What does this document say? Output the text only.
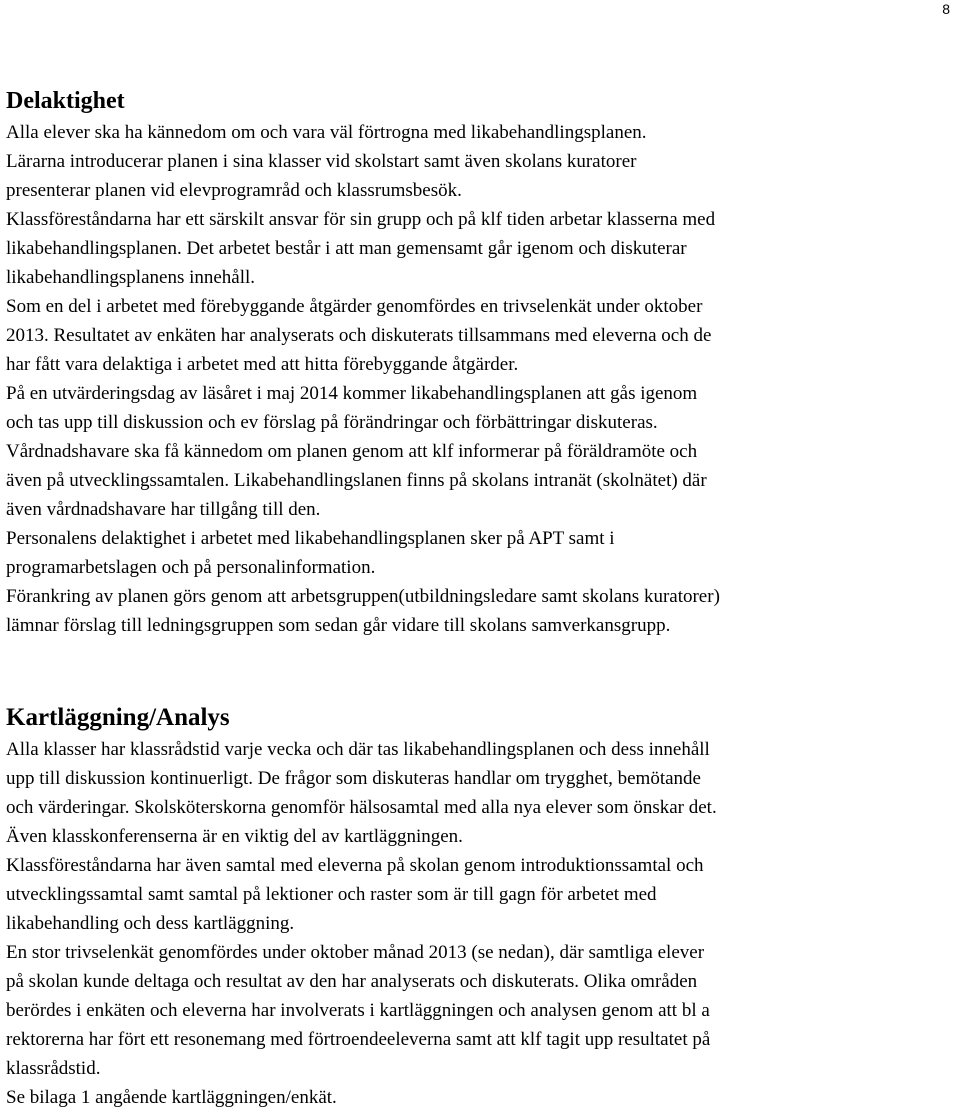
8
Delaktighet

Alla elever ska ha kännedom om och vara väl förtrogna med likabehandlingsplanen.

Lärarna introducerar planen i sina klasser vid skolstart samt även skolans kuratorer

presenterar planen vid elevprogramråd och klassrumsbesök.

Klassföreståndarna har ett särskilt ansvar för sin grupp och på klf tiden arbetar klasserna med

likabehandlingsplanen. Det arbetet består i att man gemensamt går igenom och diskuterar

likabehandlingsplanens innehåll.

Som en del i arbetet med förebyggande åtgärder genomfördes en trivselenkät under oktober

2013. Resultatet av enkäten har analyserats och diskuterats tillsammans med eleverna och de

har fått vara delaktiga i arbetet med att hitta förebyggande åtgärder.

På en utvärderingsdag av läsåret i maj 2014 kommer likabehandlingsplanen att gås igenom

och tas upp till diskussion och ev förslag på förändringar och förbättringar diskuteras.

Vårdnadshavare ska få kännedom om planen genom att klf informerar på föräldramöte och

även på utvecklingssamtalen. Likabehandlingslanen finns på skolans intranät (skolnätet) där

även vårdnadshavare har tillgång till den.

Personalens delaktighet i arbetet med likabehandlingsplanen sker på APT samt i

programarbetslagen och på personalinformation.

Förankring av planen görs genom att arbetsgruppen(utbildningsledare samt skolans kuratorer)

lämnar förslag till ledningsgruppen som sedan går vidare till skolans samverkansgrupp.

Kartläggning/Analys

Alla klasser har klassrådstid varje vecka och där tas likabehandlingsplanen och dess innehåll

upp till diskussion kontinuerligt. De frågor som diskuteras handlar om trygghet, bemötande

och värderingar. Skolsköterskorna genomför hälsosamtal med alla nya elever som önskar det.

Även klasskonferenserna är en viktig del av kartläggningen.

Klassföreståndarna har även samtal med eleverna på skolan genom introduktionssamtal och

utvecklingssamtal samt samtal på lektioner och raster som är till gagn för arbetet med

likabehandling och dess kartläggning.

En stor trivselenkät genomfördes under oktober månad 2013 (se nedan), där samtliga elever

på skolan kunde deltaga och resultat av den har analyserats och diskuterats. Olika områden

berördes i enkäten och eleverna har involverats i kartläggningen och analysen genom att bl a

rektorerna har fört ett resonemang med förtroendeeleverna samt att klf tagit upp resultatet på

klassrådstid.

Se bilaga 1 angående kartläggningen/enkät.
